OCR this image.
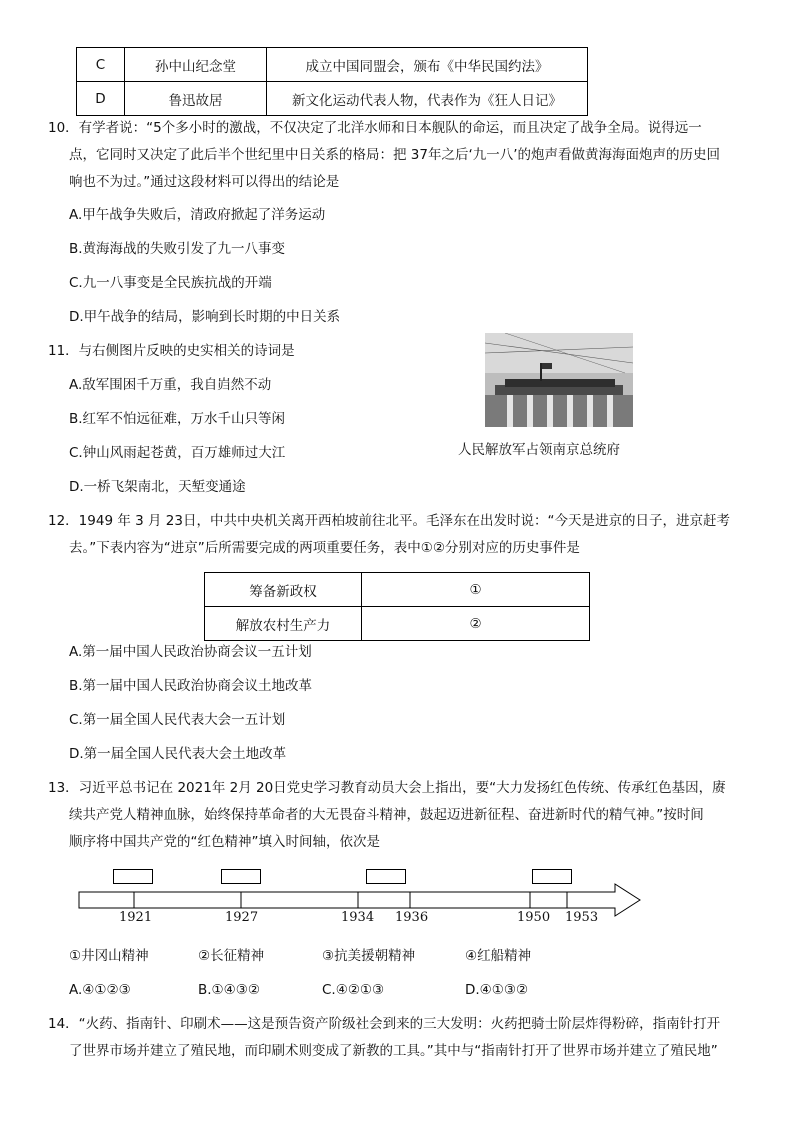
C	孙中山纪念堂	成立中国同盟会，颁布《中华民国约法》
D	鲁迅故居	新文化运动代表人物，代表作为《狂人日记》
10．有学者说：“5个多小时的激战，不仅决定了北洋水师和日本舰队的命运，而且决定了战争全局。说得远一
点，它同时又决定了此后半个世纪里中日关系的格局：把 37年之后‘九一八’的炮声看做黄海海面炮声的历史回
响也不为过。”通过这段材料可以得出的结论是
A.甲午战争失败后，清政府掀起了洋务运动
B.黄海海战的失败引发了九一八事变
C.九一八事变是全民族抗战的开端
D.甲午战争的结局，影响到长时期的中日关系
11．与右侧图片反映的史实相关的诗词是
A.敌军围困千万重，我自岿然不动
B.红军不怕远征难，万水千山只等闲
C.钟山风雨起苍黄，百万雄师过大江
D.一桥飞架南北，天堑变通途
人民解放军占领南京总统府
12．1949 年 3 月 23日，中共中央机关离开西柏坡前往北平。毛泽东在出发时说：“今天是进京的日子，进京赶考
去。”下表内容为“进京”后所需要完成的两项重要任务，表中①②分别对应的历史事件是
筹备新政权	①
解放农村生产力	②
A.第一届中国人民政治协商会议一五计划
B.第一届中国人民政治协商会议土地改革
C.第一届全国人民代表大会一五计划
D.第一届全国人民代表大会土地改革
13．习近平总书记在 2021年 2月 20日党史学习教育动员大会上指出，要“大力发扬红色传统、传承红色基因，赓
续共产党人精神血脉，始终保持革命者的大无畏奋斗精神，鼓起迈进新征程、奋进新时代的精气神。”按时间
顺序将中国共产党的“红色精神”填入时间轴，依次是
1921	1927	1934 1936	1950 1953
①井冈山精神	②长征精神	③抗美援朝精神	④红船精神
A.④①②③	B.①④③②	C.④②①③	D.④①③②
14．“火药、指南针、印刷术——这是预告资产阶级社会到来的三大发明：火药把骑士阶层炸得粉碎，指南针打开
了世界市场并建立了殖民地，而印刷术则变成了新教的工具。”其中与“指南针打开了世界市场并建立了殖民地”
